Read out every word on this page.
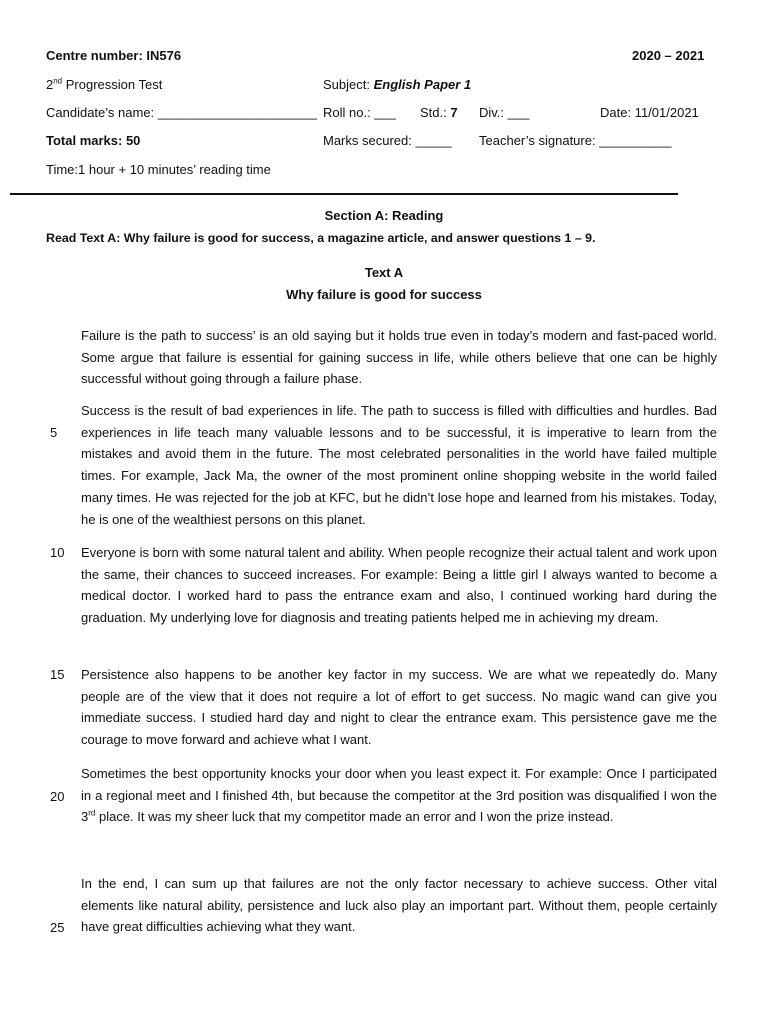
Centre number: IN576	2020 – 2021
2nd Progression Test	Subject: English Paper 1
Candidate’s name: ______________________ Roll no.: ___ Std.: 7 Div.: ___	Date: 11/01/2021
Total marks: 50	Marks secured: _____ Teacher’s signature: __________
Time:1 hour + 10 minutes’ reading time
Section A: Reading
Read Text A: Why failure is good for success, a magazine article, and answer questions 1 – 9.
Text A
Why failure is good for success
Failure is the path to success’ is an old saying but it holds true even in today’s modern and fast-paced world. Some argue that failure is essential for gaining success in life, while others believe that one can be highly successful without going through a failure phase.
Success is the result of bad experiences in life. The path to success is filled with difficulties and hurdles. Bad experiences in life teach many valuable lessons and to be successful, it is imperative to learn from the mistakes and avoid them in the future. The most celebrated personalities in the world have failed multiple times. For example, Jack Ma, the owner of the most prominent online shopping website in the world failed many times. He was rejected for the job at KFC, but he didn’t lose hope and learned from his mistakes. Today, he is one of the wealthiest persons on this planet.
Everyone is born with some natural talent and ability. When people recognize their actual talent and work upon the same, their chances to succeed increases. For example: Being a little girl I always wanted to become a medical doctor. I worked hard to pass the entrance exam and also, I continued working hard during the graduation. My underlying love for diagnosis and treating patients helped me in achieving my dream.
Persistence also happens to be another key factor in my success. We are what we repeatedly do. Many people are of the view that it does not require a lot of effort to get success. No magic wand can give you immediate success. I studied hard day and night to clear the entrance exam. This persistence gave me the courage to move forward and achieve what I want.
Sometimes the best opportunity knocks your door when you least expect it. For example: Once I participated in a regional meet and I finished 4th, but because the competitor at the 3rd position was disqualified I won the 3rd place. It was my sheer luck that my competitor made an error and I won the prize instead.
In the end, I can sum up that failures are not the only factor necessary to achieve success. Other vital elements like natural ability, persistence and luck also play an important part. Without them, people certainly have great difficulties achieving what they want.
5
10
15
20
25
